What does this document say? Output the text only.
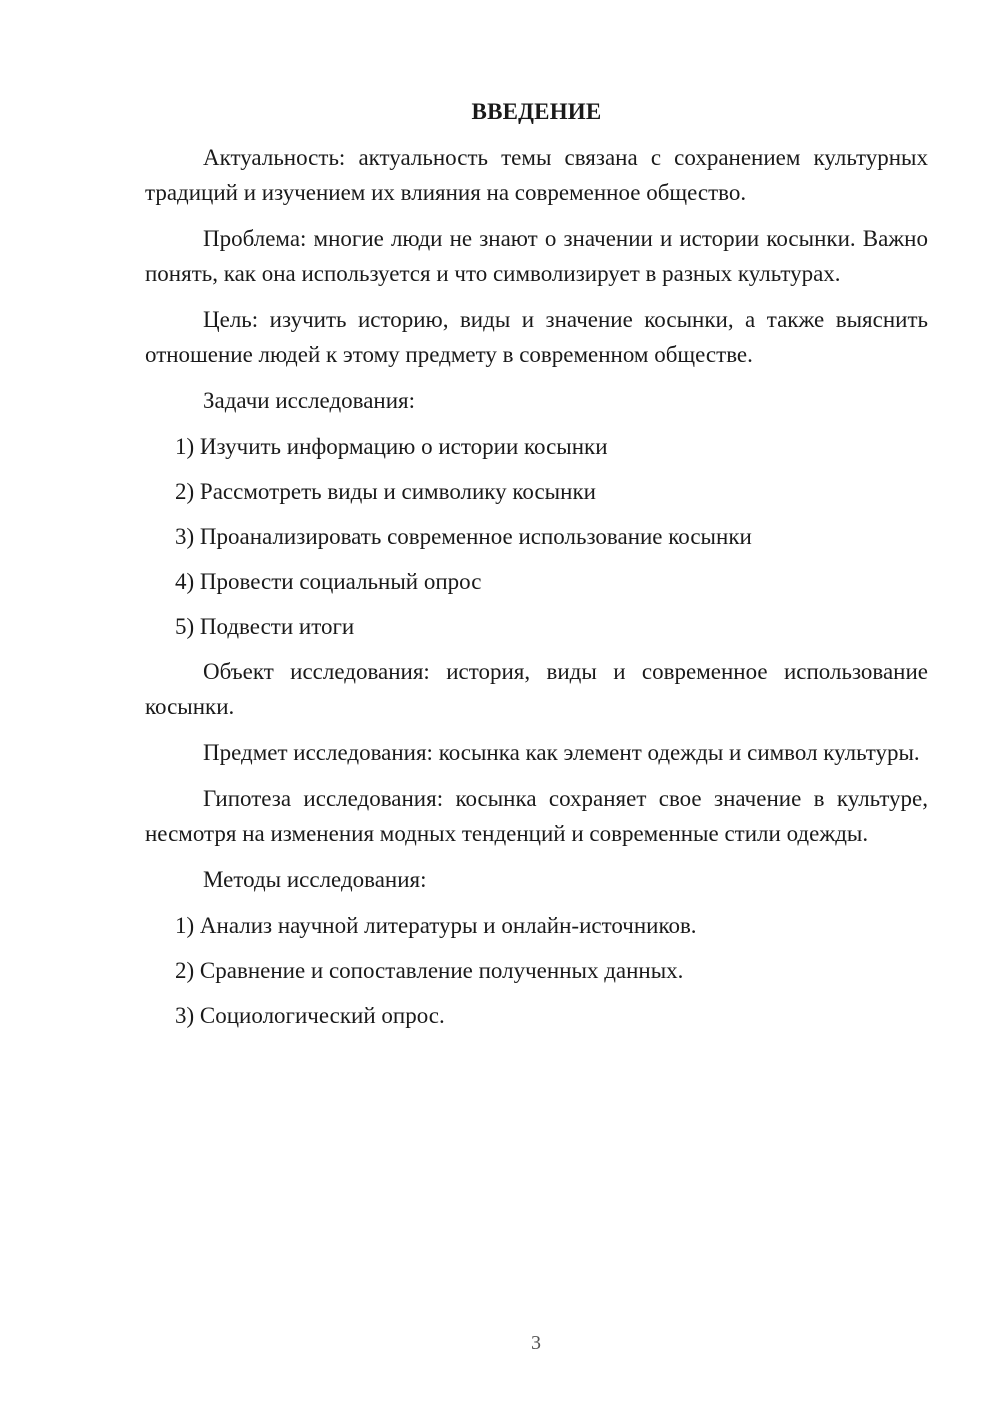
ВВЕДЕНИЕ
Актуальность: актуальность темы связана с сохранением культурных традиций и изучением их влияния на современное общество.
Проблема: многие люди не знают о значении и истории косынки. Важно понять, как она используется и что символизирует в разных культурах.
Цель: изучить историю, виды и значение косынки, а также выяснить отношение людей к этому предмету в современном обществе.
Задачи исследования:
1) Изучить информацию о истории косынки
2) Рассмотреть виды и символику косынки
3) Проанализировать современное использование косынки
4) Провести социальный опрос
5) Подвести итоги
Объект исследования: история, виды и современное использование косынки.
Предмет исследования: косынка как элемент одежды и символ культуры.
Гипотеза исследования: косынка сохраняет свое значение в культуре, несмотря на изменения модных тенденций и современные стили одежды.
Методы исследования:
1) Анализ научной литературы и онлайн-источников.
2) Сравнение и сопоставление полученных данных.
3) Социологический опрос.
3
